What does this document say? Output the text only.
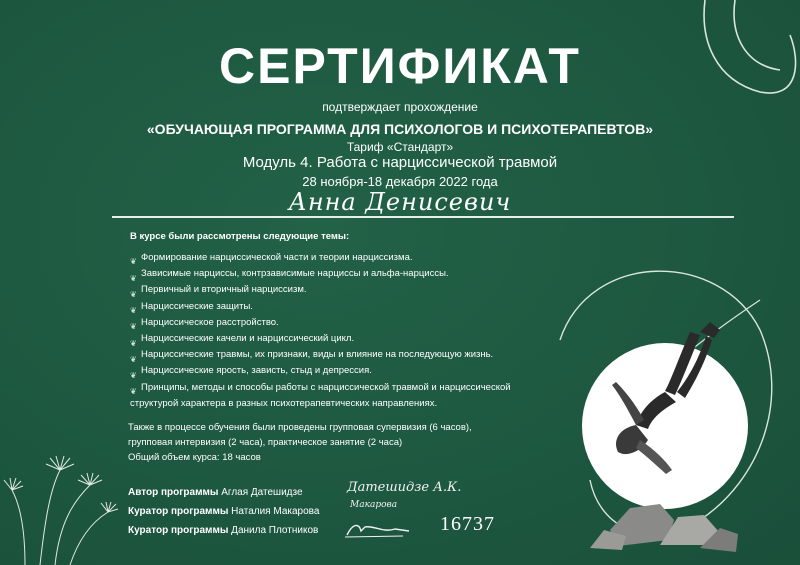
СЕРТИФИКАТ
подтверждает прохождение
«ОБУЧАЮЩАЯ ПРОГРАММА ДЛЯ ПСИХОЛОГОВ И ПСИХОТЕРАПЕВТОВ»
Тариф «Стандарт»
Модуль 4. Работа с нарциссической травмой
28 ноября-18 декабря 2022 года
Анна Денисевич
В курсе были рассмотрены следующие темы:
❦ Формирование нарциссической части и теории нарциссизма.
❦ Зависимые нарциссы, контрзависимые нарциссы и альфа-нарциссы.
❦ Первичный и вторичный нарциссизм.
❦ Нарциссические защиты.
❦ Нарциссическое расстройство.
❦ Нарциссические качели и нарциссический цикл.
❦ Нарциссические травмы, их признаки, виды и влияние на последующую жизнь.
❦ Нарциссические ярость, зависть, стыд и депрессия.
❦ Принципы, методы и способы работы с нарциссической травмой и нарциссической
структурой характера в разных психотерапевтических направлениях.
Также в процессе обучения были проведены групповая супервизия (6 часов),
групповая интервизия (2 часа), практическое занятие (2 часа)
Общий объем курса: 18 часов
Автор программы Аглая Датешидзе
Куратор программы Наталия Макарова
Куратор программы Данила Плотников
Датешидзе А.К.
Макарова
16737
